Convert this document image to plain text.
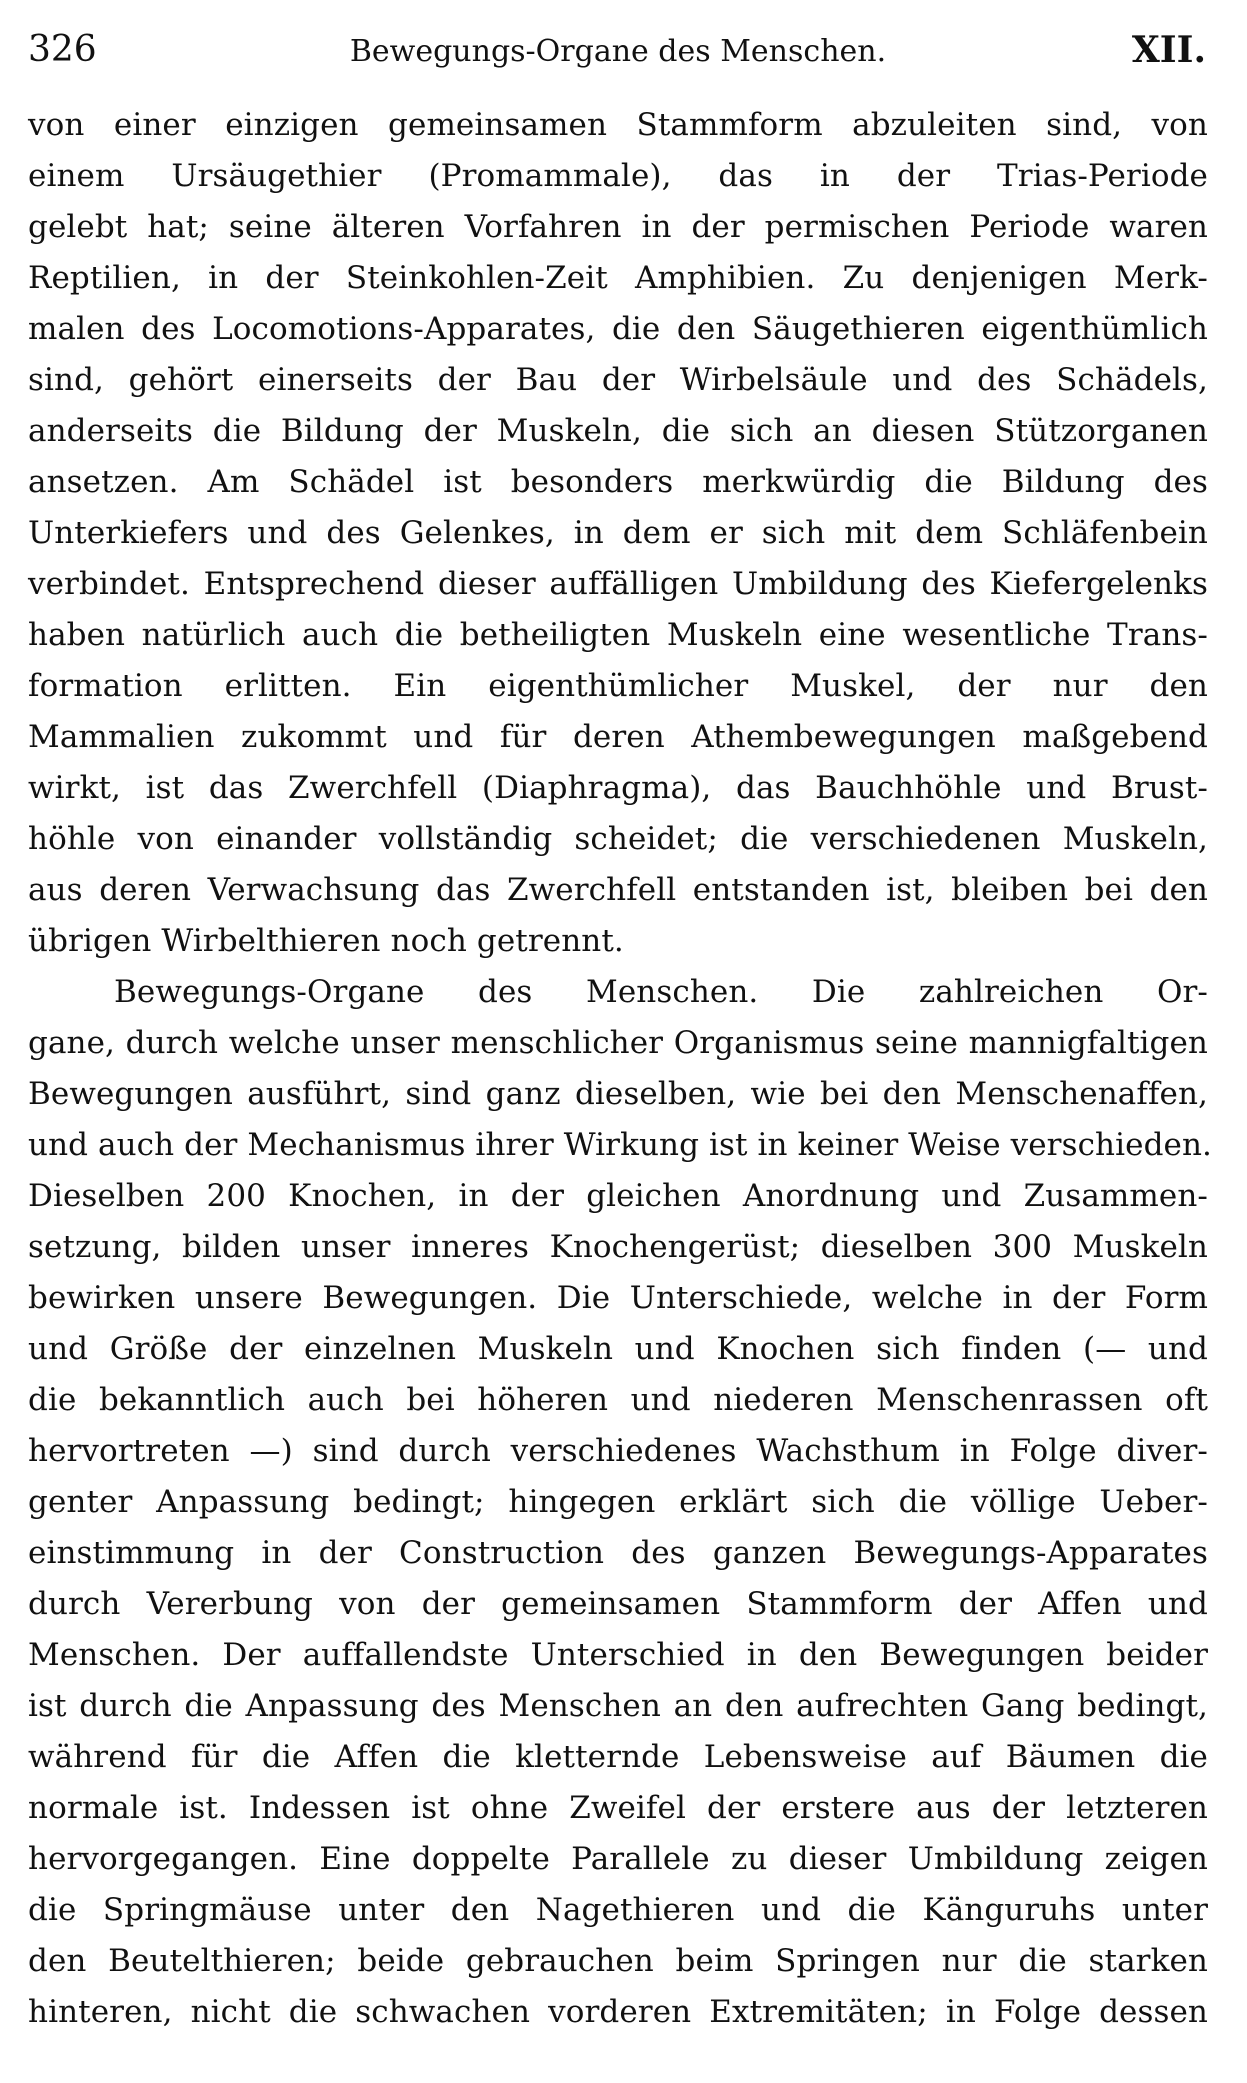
326	Bewegungs-Organe des Menschen.	XII.
von einer einzigen gemeinsamen Stammform abzuleiten sind, von
einem Ursäugethier (Promammale), das in der Trias-Periode
gelebt hat; seine älteren Vorfahren in der permischen Periode waren
Reptilien, in der Steinkohlen-Zeit Amphibien. Zu denjenigen Merk-
malen des Locomotions-Apparates, die den Säugethieren eigenthümlich
sind, gehört einerseits der Bau der Wirbelsäule und des Schädels,
anderseits die Bildung der Muskeln, die sich an diesen Stützorganen
ansetzen. Am Schädel ist besonders merkwürdig die Bildung des
Unterkiefers und des Gelenkes, in dem er sich mit dem Schläfenbein
verbindet. Entsprechend dieser auffälligen Umbildung des Kiefergelenks
haben natürlich auch die betheiligten Muskeln eine wesentliche Trans-
formation erlitten. Ein eigenthümlicher Muskel, der nur den
Mammalien zukommt und für deren Athembewegungen maßgebend
wirkt, ist das Zwerchfell (Diaphragma), das Bauchhöhle und Brust-
höhle von einander vollständig scheidet; die verschiedenen Muskeln,
aus deren Verwachsung das Zwerchfell entstanden ist, bleiben bei den
übrigen Wirbelthieren noch getrennt.
Bewegungs-Organe des Menschen. Die zahlreichen Or-
gane, durch welche unser menschlicher Organismus seine mannigfaltigen
Bewegungen ausführt, sind ganz dieselben, wie bei den Menschenaffen,
und auch der Mechanismus ihrer Wirkung ist in keiner Weise verschieden.
Dieselben 200 Knochen, in der gleichen Anordnung und Zusammen-
setzung, bilden unser inneres Knochengerüst; dieselben 300 Muskeln
bewirken unsere Bewegungen. Die Unterschiede, welche in der Form
und Größe der einzelnen Muskeln und Knochen sich finden (— und
die bekanntlich auch bei höheren und niederen Menschenrassen oft
hervortreten —) sind durch verschiedenes Wachsthum in Folge diver-
genter Anpassung bedingt; hingegen erklärt sich die völlige Ueber-
einstimmung in der Construction des ganzen Bewegungs-Apparates
durch Vererbung von der gemeinsamen Stammform der Affen und
Menschen. Der auffallendste Unterschied in den Bewegungen beider
ist durch die Anpassung des Menschen an den aufrechten Gang bedingt,
während für die Affen die kletternde Lebensweise auf Bäumen die
normale ist. Indessen ist ohne Zweifel der erstere aus der letzteren
hervorgegangen. Eine doppelte Parallele zu dieser Umbildung zeigen
die Springmäuse unter den Nagethieren und die Känguruhs unter
den Beutelthieren; beide gebrauchen beim Springen nur die starken
hinteren, nicht die schwachen vorderen Extremitäten; in Folge dessen
